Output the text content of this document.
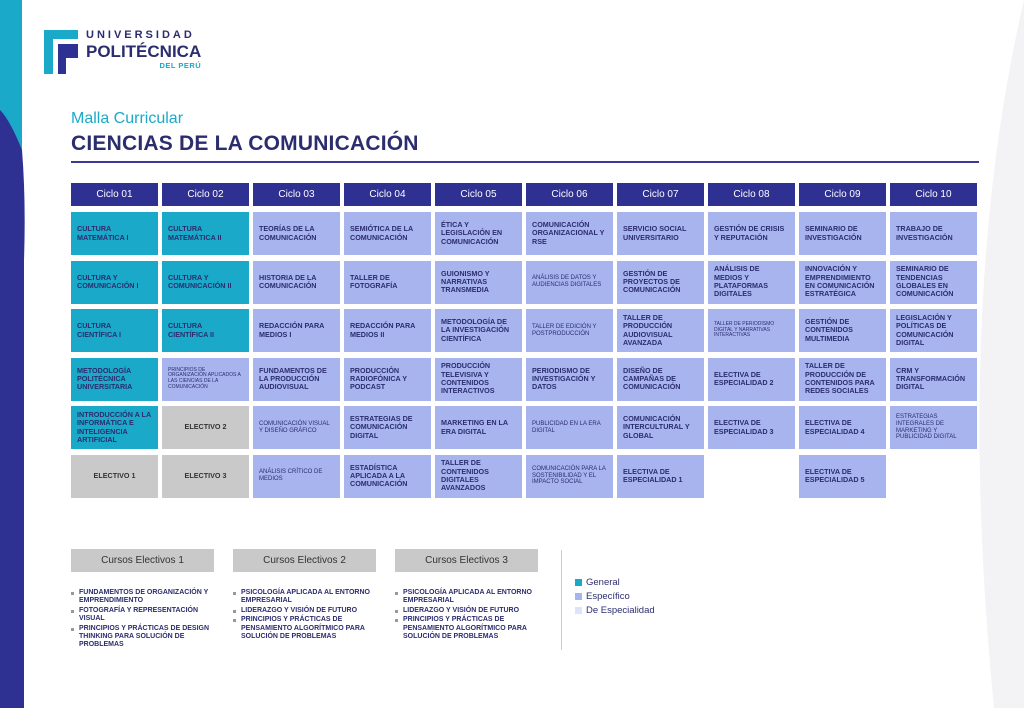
UNIVERSIDAD
POLITÉCNICA
DEL PERÚ
Malla Curricular
CIENCIAS DE LA COMUNICACIÓN
Ciclo 01
CULTURA MATEMÁTICA I
CULTURA Y COMUNICACIÓN I
CULTURA CIENTÍFICA I
METODOLOGÍA POLITÉCNICA UNIVERSITARIA
INTRODUCCIÓN A LA INFORMÁTICA E INTELIGENCIA ARTIFICIAL
ELECTIVO 1
Ciclo 02
CULTURA MATEMÁTICA II
CULTURA Y COMUNICACIÓN II
CULTURA CIENTÍFICA II
PRINCIPIOS DE ORGANIZACIÓN APLICADOS A LAS CIENCIAS DE LA COMUNICACIÓN
ELECTIVO 2
ELECTIVO 3
Ciclo 03
TEORÍAS DE LA COMUNICACIÓN
HISTORIA DE LA COMUNICACIÓN
REDACCIÓN PARA MEDIOS I
FUNDAMENTOS DE LA PRODUCCIÓN AUDIOVISUAL
COMUNICACIÓN VISUAL Y DISEÑO GRÁFICO
ANÁLISIS CRÍTICO DE MEDIOS
Ciclo 04
SEMIÓTICA DE LA COMUNICACIÓN
TALLER DE FOTOGRAFÍA
REDACCIÓN PARA MEDIOS II
PRODUCCIÓN RADIOFÓNICA Y PODCAST
ESTRATEGIAS DE COMUNICACIÓN DIGITAL
ESTADÍSTICA APLICADA A LA COMUNICACIÓN
Ciclo 05
ÉTICA Y LEGISLACIÓN EN COMUNICACIÓN
GUIONISMO Y NARRATIVAS TRANSMEDIA
METODOLOGÍA DE LA INVESTIGACIÓN CIENTÍFICA
PRODUCCIÓN TELEVISIVA Y CONTENIDOS INTERACTIVOS
MARKETING EN LA ERA DIGITAL
TALLER DE CONTENIDOS DIGITALES AVANZADOS
Ciclo 06
COMUNICACIÓN ORGANIZACIONAL Y RSE
ANÁLISIS DE DATOS Y AUDIENCIAS DIGITALES
TALLER DE EDICIÓN Y POSTPRODUCCIÓN
PERIODISMO DE INVESTIGACIÓN Y DATOS
PUBLICIDAD EN LA ERA DIGITAL
COMUNICACIÓN PARA LA SOSTENIBILIDAD Y EL IMPACTO SOCIAL
Ciclo 07
SERVICIO SOCIAL UNIVERSITARIO
GESTIÓN DE PROYECTOS DE COMUNICACIÓN
TALLER DE PRODUCCIÓN AUDIOVISUAL AVANZADA
DISEÑO DE CAMPAÑAS DE COMUNICACIÓN
COMUNICACIÓN INTERCULTURAL Y GLOBAL
ELECTIVA DE ESPECIALIDAD 1
Ciclo 08
GESTIÓN DE CRISIS Y REPUTACIÓN
ANÁLISIS DE MEDIOS Y PLATAFORMAS DIGITALES
TALLER DE PERIODISMO DIGITAL Y NARRATIVAS INTERACTIVAS
ELECTIVA DE ESPECIALIDAD 2
ELECTIVA DE ESPECIALIDAD 3
Ciclo 09
SEMINARIO DE INVESTIGACIÓN
INNOVACIÓN Y EMPRENDIMIENTO EN COMUNICACIÓN ESTRATÉGICA
GESTIÓN DE CONTENIDOS MULTIMEDIA
TALLER DE PRODUCCIÓN DE CONTENIDOS PARA REDES SOCIALES
ELECTIVA DE ESPECIALIDAD 4
ELECTIVA DE ESPECIALIDAD 5
Ciclo 10
TRABAJO DE INVESTIGACIÓN
SEMINARIO DE TENDENCIAS GLOBALES EN COMUNICACIÓN
LEGISLACIÓN Y POLÍTICAS DE COMUNICACIÓN DIGITAL
CRM Y TRANSFORMACIÓN DIGITAL
ESTRATEGIAS INTEGRALES DE MARKETING Y PUBLICIDAD DIGITAL
Cursos Electivos 1
FUNDAMENTOS DE ORGANIZACIÓN Y EMPRENDIMIENTO
FOTOGRAFÍA Y REPRESENTACIÓN VISUAL
PRINCIPIOS Y PRÁCTICAS DE DESIGN THINKING PARA SOLUCIÓN DE PROBLEMAS
Cursos Electivos 2
PSICOLOGÍA APLICADA AL ENTORNO EMPRESARIAL
LIDERAZGO Y VISIÓN DE FUTURO
PRINCIPIOS Y PRÁCTICAS DE PENSAMIENTO ALGORÍTMICO PARA SOLUCIÓN DE PROBLEMAS
Cursos Electivos 3
PSICOLOGÍA APLICADA AL ENTORNO EMPRESARIAL
LIDERAZGO Y VISIÓN DE FUTURO
PRINCIPIOS Y PRÁCTICAS DE PENSAMIENTO ALGORÍTMICO PARA SOLUCIÓN DE PROBLEMAS
General
Específico
De Especialidad
